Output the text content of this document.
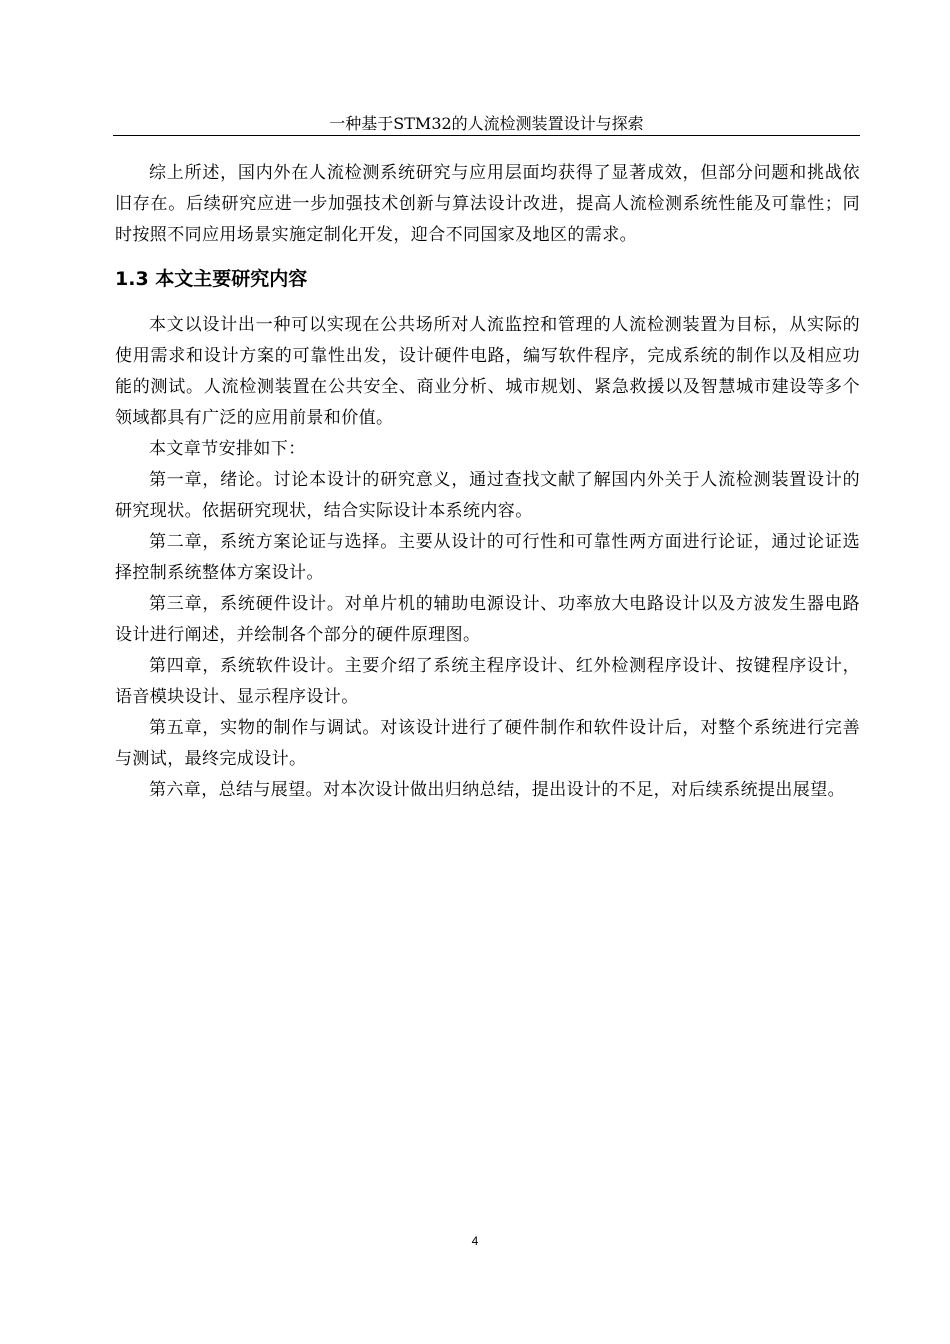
一种基于STM32的人流检测装置设计与探索

综上所述，国内外在人流检测系统研究与应用层面均获得了显著成效，但部分问题和挑战依旧存在。后续研究应进一步加强技术创新与算法设计改进，提高人流检测系统性能及可靠性；同时按照不同应用场景实施定制化开发，迎合不同国家及地区的需求。

1.3 本文主要研究内容

本文以设计出一种可以实现在公共场所对人流监控和管理的人流检测装置为目标，从实际的使用需求和设计方案的可靠性出发，设计硬件电路，编写软件程序，完成系统的制作以及相应功能的测试。人流检测装置在公共安全、商业分析、城市规划、紧急救援以及智慧城市建设等多个领域都具有广泛的应用前景和价值。

本文章节安排如下：

第一章，绪论。讨论本设计的研究意义，通过查找文献了解国内外关于人流检测装置设计的研究现状。依据研究现状，结合实际设计本系统内容。

第二章，系统方案论证与选择。主要从设计的可行性和可靠性两方面进行论证，通过论证选择控制系统整体方案设计。

第三章，系统硬件设计。对单片机的辅助电源设计、功率放大电路设计以及方波发生器电路设计进行阐述，并绘制各个部分的硬件原理图。

第四章，系统软件设计。主要介绍了系统主程序设计、红外检测程序设计、按键程序设计，语音模块设计、显示程序设计。

第五章，实物的制作与调试。对该设计进行了硬件制作和软件设计后，对整个系统进行完善与测试，最终完成设计。

第六章，总结与展望。对本次设计做出归纳总结，提出设计的不足，对后续系统提出展望。

4
